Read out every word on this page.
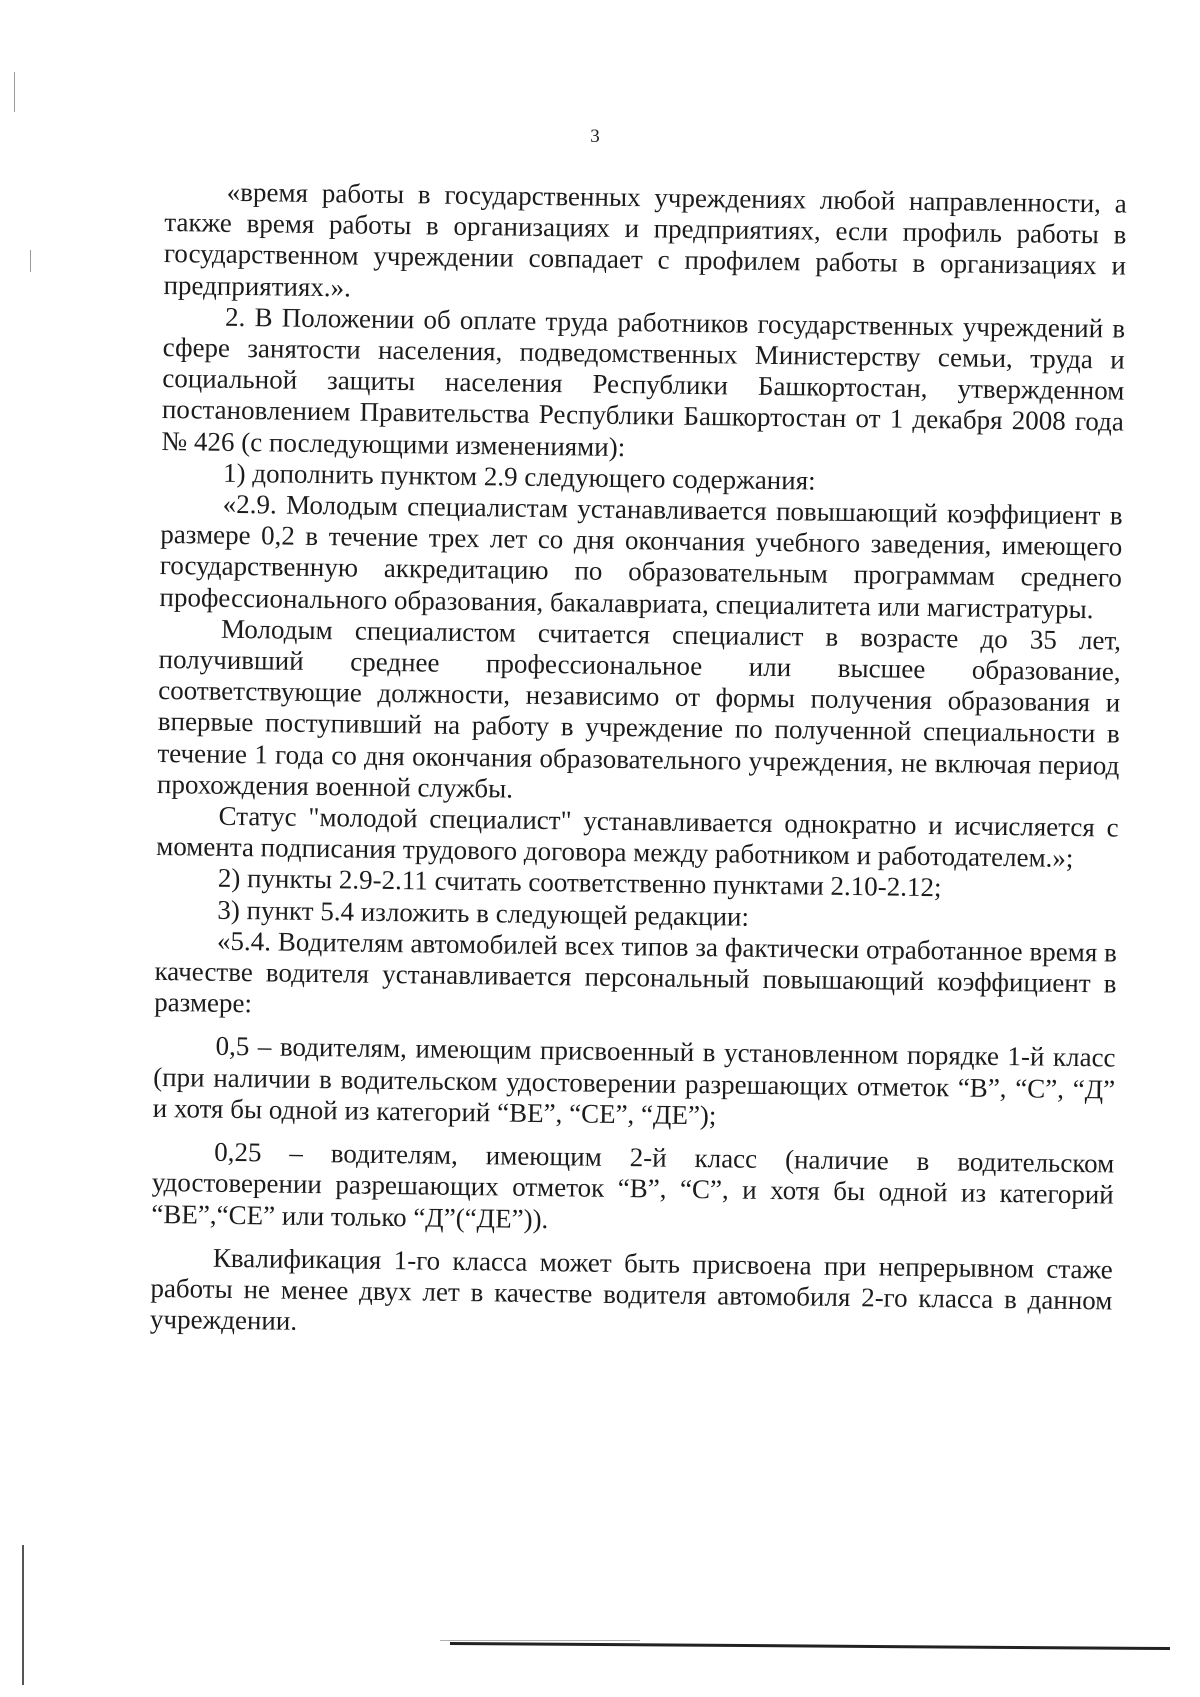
3

«время работы в государственных учреждениях любой направленности, а также время работы в организациях и предприятиях, если профиль работы в государственном учреждении совпадает с профилем работы в организациях и предприятиях.».

2. В Положении об оплате труда работников государственных учреждений в сфере занятости населения, подведомственных Министерству семьи, труда и социальной защиты населения Республики Башкортостан, утвержденном постановлением Правительства Республики Башкортостан от 1 декабря 2008 года № 426 (с последующими изменениями):

1) дополнить пунктом 2.9 следующего содержания:

«2.9. Молодым специалистам устанавливается повышающий коэффициент в размере 0,2 в течение трех лет со дня окончания учебного заведения, имеющего государственную аккредитацию по образовательным программам среднего профессионального образования, бакалавриата, специалитета или магистратуры.

Молодым специалистом считается специалист в возрасте до 35 лет, получивший среднее профессиональное или высшее образование, соответствующие должности, независимо от формы получения образования и впервые поступивший на работу в учреждение по полученной специальности в течение 1 года со дня окончания образовательного учреждения, не включая период прохождения военной службы.

Статус "молодой специалист" устанавливается однократно и исчисляется с момента подписания трудового договора между работником и работодателем.»;

2) пункты 2.9-2.11 считать соответственно пунктами 2.10-2.12;

3) пункт 5.4 изложить в следующей редакции:

«5.4. Водителям автомобилей всех типов за фактически отработанное время в качестве водителя устанавливается персональный повышающий коэффициент в размере:

0,5 – водителям, имеющим присвоенный в установленном порядке 1-й класс (при наличии в водительском удостоверении разрешающих отметок “В”, “С”, “Д” и хотя бы одной из категорий “ВЕ”, “СЕ”, “ДЕ”);

0,25 – водителям, имеющим 2-й класс (наличие в водительском удостоверении разрешающих отметок “В”, “С”, и хотя бы одной из категорий “ВЕ”,“СЕ” или только “Д”(“ДЕ”)).

Квалификация 1-го класса может быть присвоена при непрерывном стаже работы не менее двух лет в качестве водителя автомобиля 2-го класса в данном учреждении.
